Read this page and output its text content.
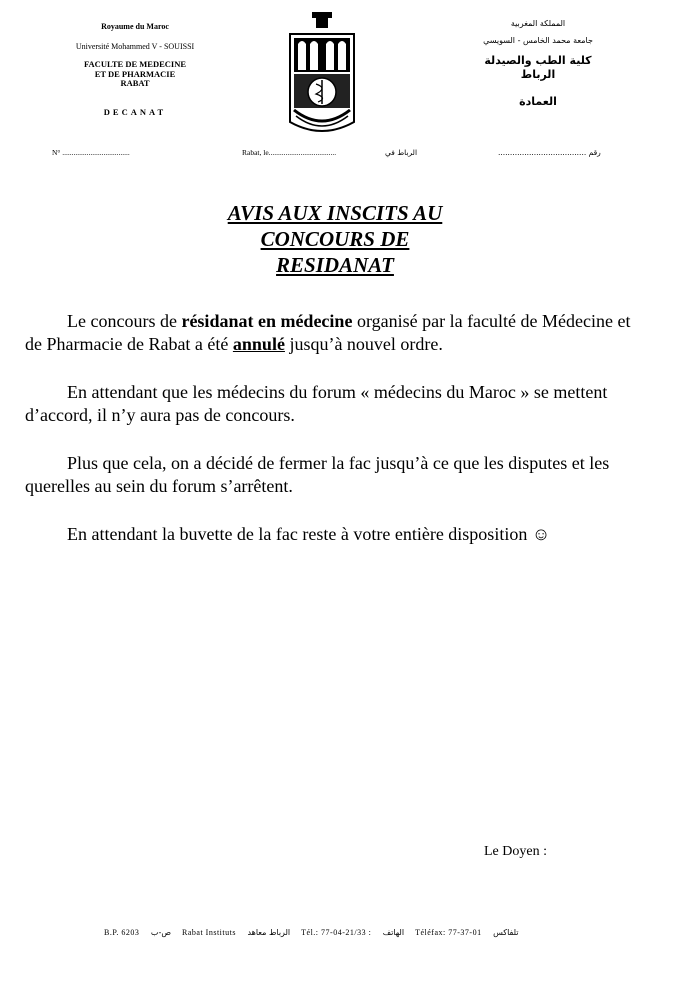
Royaume du Maroc
Université Mohammed V - SOUISSI
FACULTE DE MEDECINE
ET DE PHARMACIE
RABAT
DECANAT
المملكة المغربية
جامعة محمد الخامس - السويسي
كلية الطب والصيدلة
الرباط
العمادة
N° ....................................	Rabat, le....................................	الرباط في	..................................... رقم
AVIS AUX INSCITS AU
CONCOURS DE
RESIDANAT

Le concours de résidanat en médecine organisé par la faculté de Médecine et de Pharmacie de Rabat a été annulé jusqu’à nouvel ordre.

En attendant que les médecins du forum « médecins du Maroc » se mettent d’accord, il n’y aura pas de concours.

Plus que cela, on a décidé de fermer la fac jusqu’à ce que les disputes et les querelles au sein du forum s’arrêtent.

En attendant la buvette de la fac reste à votre entière disposition ☺

Le Doyen :
B.P. 6203 ص-ب Rabat Instituts الرباط معاهد Tél.: 77-04-21/33 : الهاتف Téléfax: 77-37-01 تلفاكس
